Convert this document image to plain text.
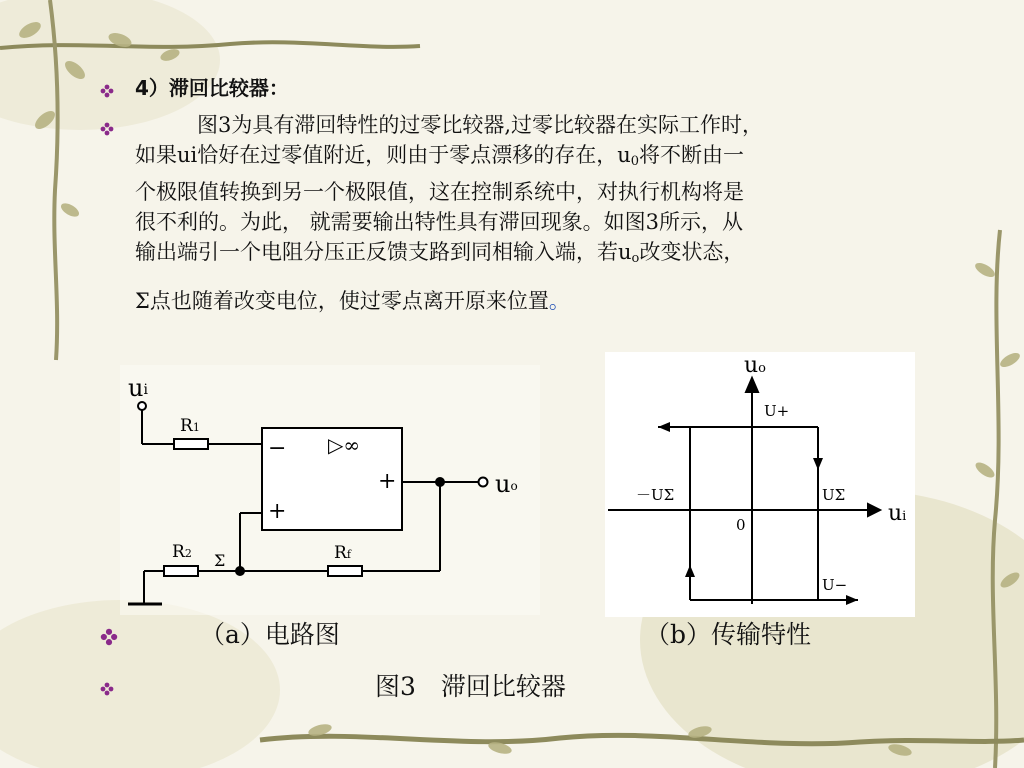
4）滞回比较器：
图3为具有滞回特性的过零比较器,过零比较器在实际工作时，
如果ui恰好在过零值附近，则由于零点漂移的存在，$u_0$将不断由一
个极限值转换到另一个极限值，这在控制系统中，对执行机构将是
很不利的。为此， 就需要输出特性具有滞回现象。如图3所示，从
输出端引一个电阻分压正反馈支路到同相输入端，若$u_o$改变状态，
Σ点也随着改变电位，使过零点离开原来位置。
ui
R1
− ▷∞
+
+
uo
Rf
Σ
R2
uo
ui
0
U+
U−
－UΣ	UΣ
（a）电路图	（b）传输特性
图3　滞回比较器
